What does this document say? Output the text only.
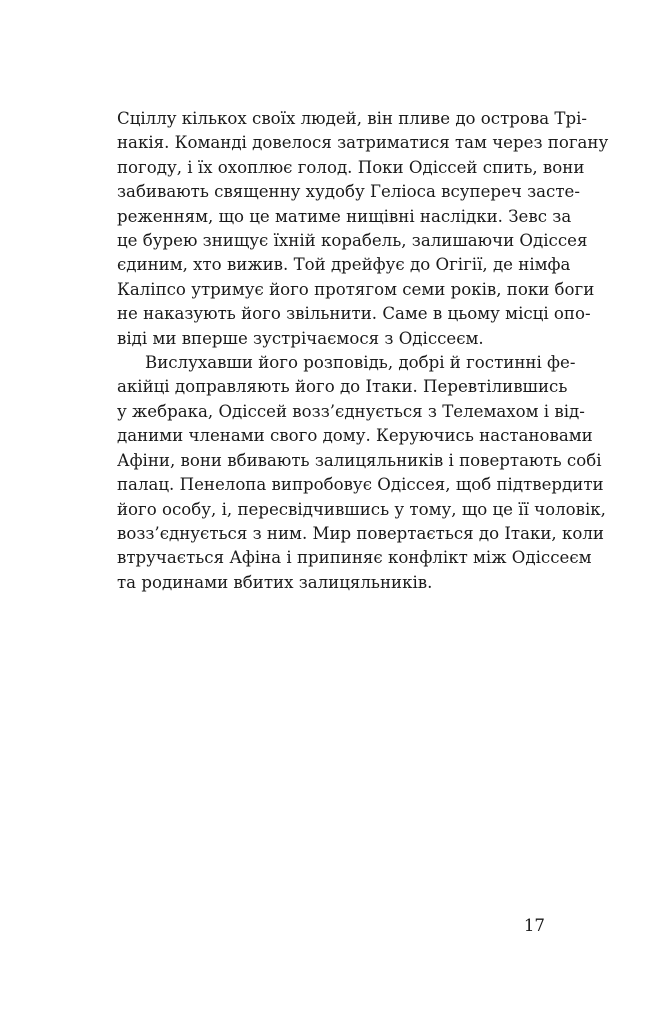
Сціллу кількох своїх людей, він пливе до острова Трі-
накія. Команді довелося затриматися там через погану
погоду, і їх охоплює голод. Поки Одіссей спить, вони
забивають священну худобу Геліоса всупереч засте-
реженням, що це матиме нищівні наслідки. Зевс за
це бурею знищує їхній корабель, залишаючи Одіссея
єдиним, хто вижив. Той дрейфує до Огігії, де німфа
Каліпсо утримує його протягом семи років, поки боги
не наказують його звільнити. Саме в цьому місці опо-
віді ми вперше зустрічаємося з Одіссеєм.
Вислухавши його розповідь, добрі й гостинні фе-
акійці доправляють його до Ітаки. Перевтілившись
у жебрака, Одіссей возз’єднується з Телемахом і від-
даними членами свого дому. Керуючись настановами
Афіни, вони вбивають залицяльників і повертають собі
палац. Пенелопа випробовує Одіссея, щоб підтвердити
його особу, і, пересвідчившись у тому, що це її чоловік,
возз’єднується з ним. Мир повертається до Ітаки, коли
втручається Афіна і припиняє конфлікт між Одіссеєм
та родинами вбитих залицяльників.
17
